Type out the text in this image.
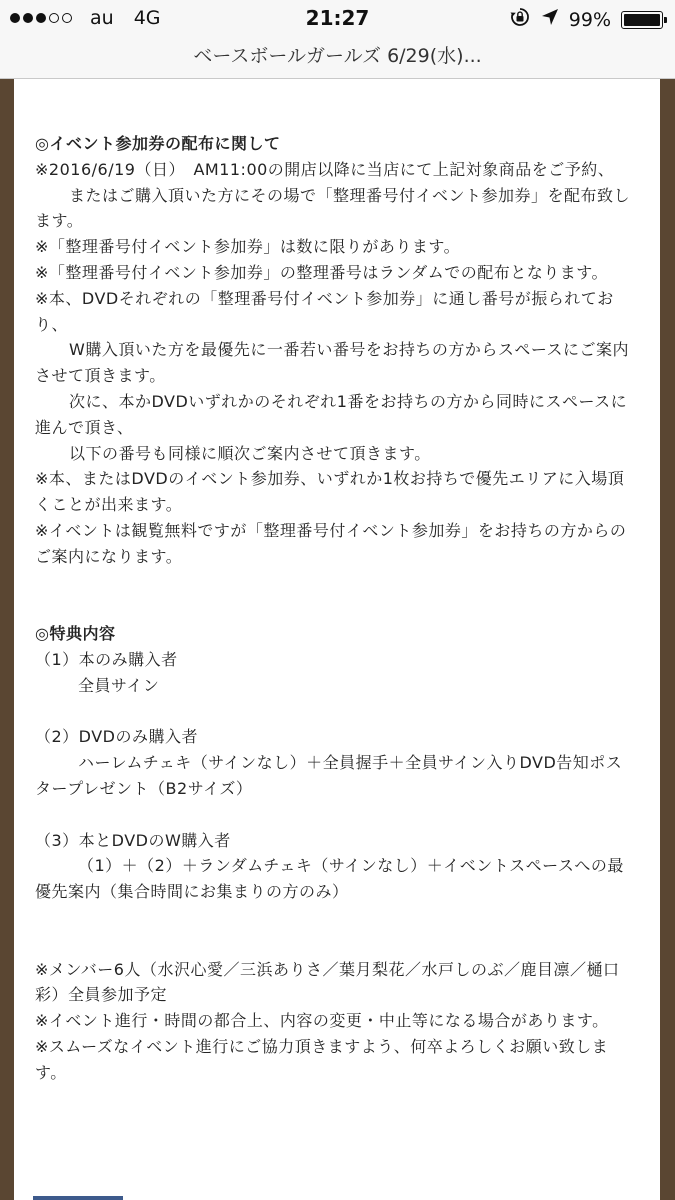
au 4G	21:27	99%
ベースボールガールズ 6/29(水)...
◎イベント参加券の配布に関して
※2016/6/19（日）　AM11:00の開店以降に当店にて上記対象商品をご予約、
またはご購入頂いた方にその場で「整理番号付イベント参加券」を配布致し
ます。
※「整理番号付イベント参加券」は数に限りがあります。
※「整理番号付イベント参加券」の整理番号はランダムでの配布となります。
※本、DVDそれぞれの「整理番号付イベント参加券」に通し番号が振られてお
り、
W購入頂いた方を最優先に一番若い番号をお持ちの方からスペースにご案内
させて頂きます。
次に、本かDVDいずれかのそれぞれ1番をお持ちの方から同時にスペースに
進んで頂き、
以下の番号も同様に順次ご案内させて頂きます。
※本、またはDVDのイベント参加券、いずれか1枚お持ちで優先エリアに入場頂
くことが出来ます。
※イベントは観覧無料ですが「整理番号付イベント参加券」をお持ちの方からの
ご案内になります。
◎特典内容
（1）本のみ購入者
全員サイン
（2）DVDのみ購入者
ハーレムチェキ（サインなし）＋全員握手＋全員サイン入りDVD告知ポス
タープレゼント（B2サイズ）
（3）本とDVDのW購入者
（1）＋（2）＋ランダムチェキ（サインなし）＋イベントスペースへの最
優先案内（集合時間にお集まりの方のみ）
※メンバー6人（水沢心愛／三浜ありさ／葉月梨花／水戸しのぶ／鹿目凛／樋口
彩）全員参加予定
※イベント進行・時間の都合上、内容の変更・中止等になる場合があります。
※スムーズなイベント進行にご協力頂きますよう、何卒よろしくお願い致しま
す。
